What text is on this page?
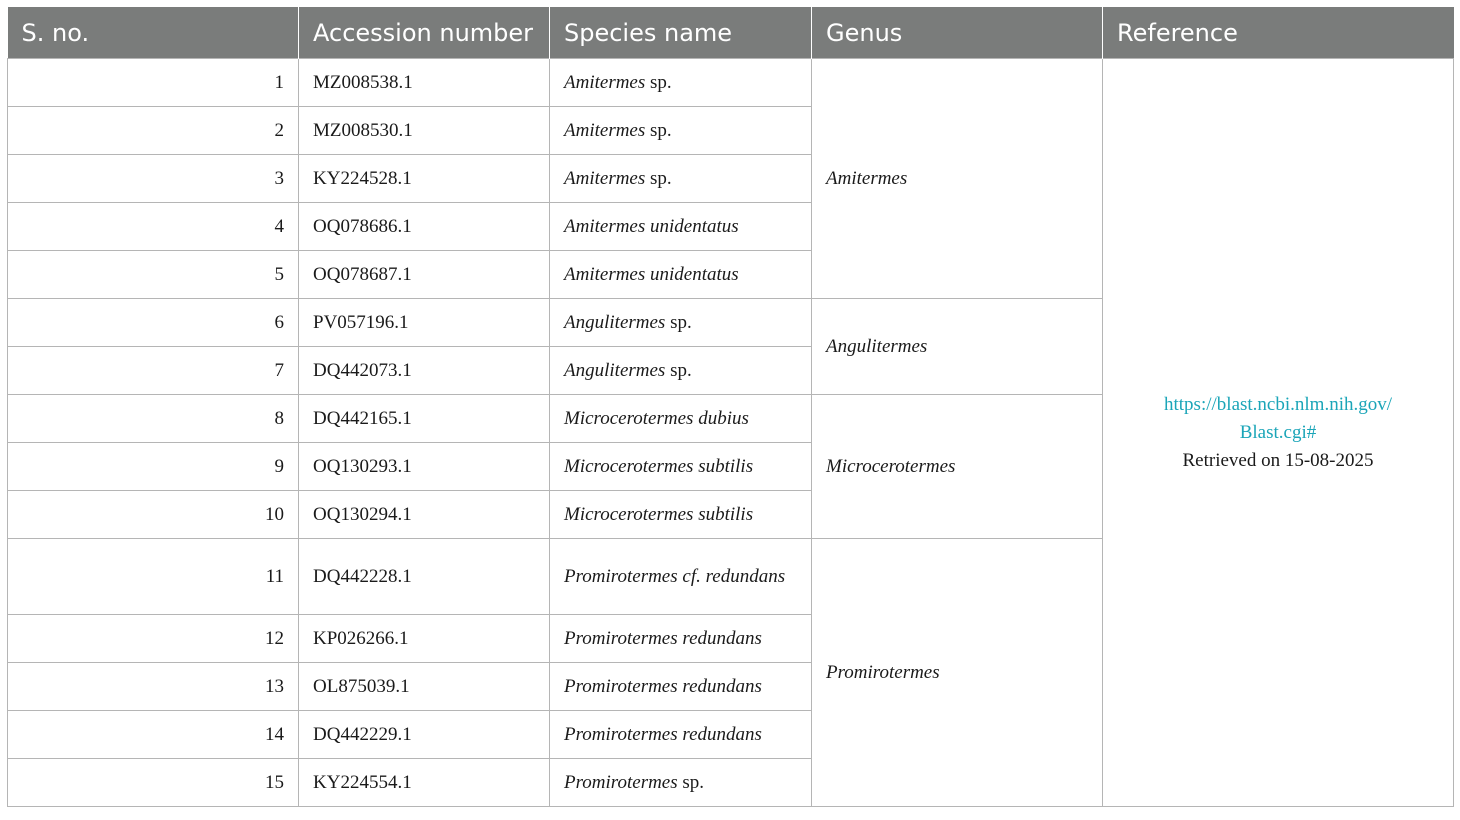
S. no.	Accession number	Species name	Genus	Reference
1	MZ008538.1	Amitermes sp.	Amitermes	https://blast.ncbi.nlm.nih.gov/
Blast.cgi#
Retrieved on 15-08-2025

2	MZ008530.1	Amitermes sp.		
3	KY224528.1	Amitermes sp.		
4	OQ078686.1	Amitermes unidentatus		
5	OQ078687.1	Amitermes unidentatus		
6	PV057196.1	Angulitermes sp.	Angulitermes	
7	DQ442073.1	Angulitermes sp.		
8	DQ442165.1	Microcerotermes dubius	Microcerotermes	
9	OQ130293.1	Microcerotermes subtilis		
10	OQ130294.1	Microcerotermes subtilis		
11	DQ442228.1	Promirotermes cf. redundans	Promirotermes	
12	KP026266.1	Promirotermes redundans		
13	OL875039.1	Promirotermes redundans		
14	DQ442229.1	Promirotermes redundans		
15	KY224554.1	Promirotermes sp.		
